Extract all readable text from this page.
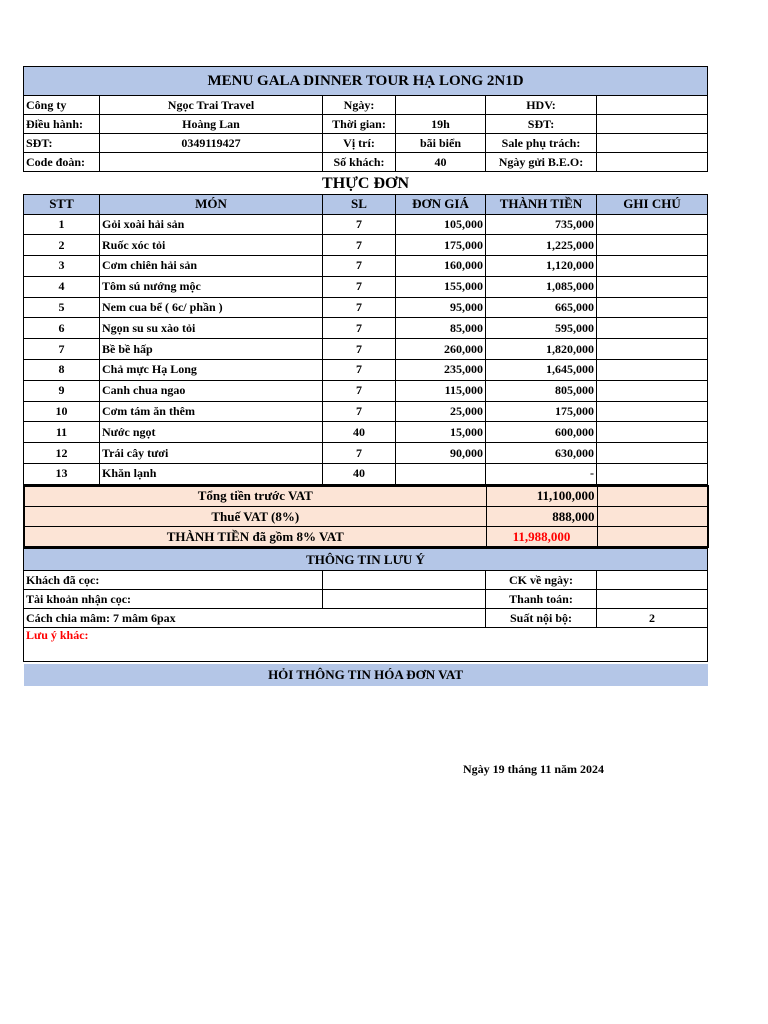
MENU GALA DINNER TOUR HẠ LONG 2N1D					
Công ty	Ngọc Trai Travel	Ngày:		HDV:	
Điều hành:	Hoàng Lan	Thời gian:	19h	SĐT:	
SĐT:	0349119427	Vị trí:	bãi biển	Sale phụ trách:	
Code đoàn:		Số khách:	40	Ngày gửi B.E.O:	
THỰC ĐƠN					
STT	MÓN	SL	ĐƠN GIÁ	THÀNH TIỀN	GHI CHÚ
1	Gỏi xoài hải sản	7	105,000	735,000	
2	Ruốc xóc tỏi	7	175,000	1,225,000	
3	Cơm chiên hải sản	7	160,000	1,120,000	
4	Tôm sú nướng mộc	7	155,000	1,085,000	
5	Nem cua bể ( 6c/ phần )	7	95,000	665,000	
6	Ngọn su su xào tỏi	7	85,000	595,000	
7	Bề bề hấp	7	260,000	1,820,000	
8	Chả mực Hạ Long	7	235,000	1,645,000	
9	Canh chua ngao	7	115,000	805,000	
10	Cơm tám ăn thêm	7	25,000	175,000	
11	Nước ngọt	40	15,000	600,000	
12	Trái cây tươi	7	90,000	630,000	
13	Khăn lạnh	40		-	
Tổng tiền trước VAT	11,100,000	
Thuế VAT (8%)	888,000	
THÀNH TIỀN đã gồm 8% VAT	11,988,000	
THÔNG TIN LƯU Ý			
Khách đã cọc:		CK về ngày:	
Tài khoản nhận cọc:		Thanh toán:	
Cách chia mâm: 7 mâm 6pax		Suất nội bộ:	2
Lưu ý khác:			

HỎI THÔNG TIN HÓA ĐƠN VAT			
Ngày 19 tháng 11 năm 2024
